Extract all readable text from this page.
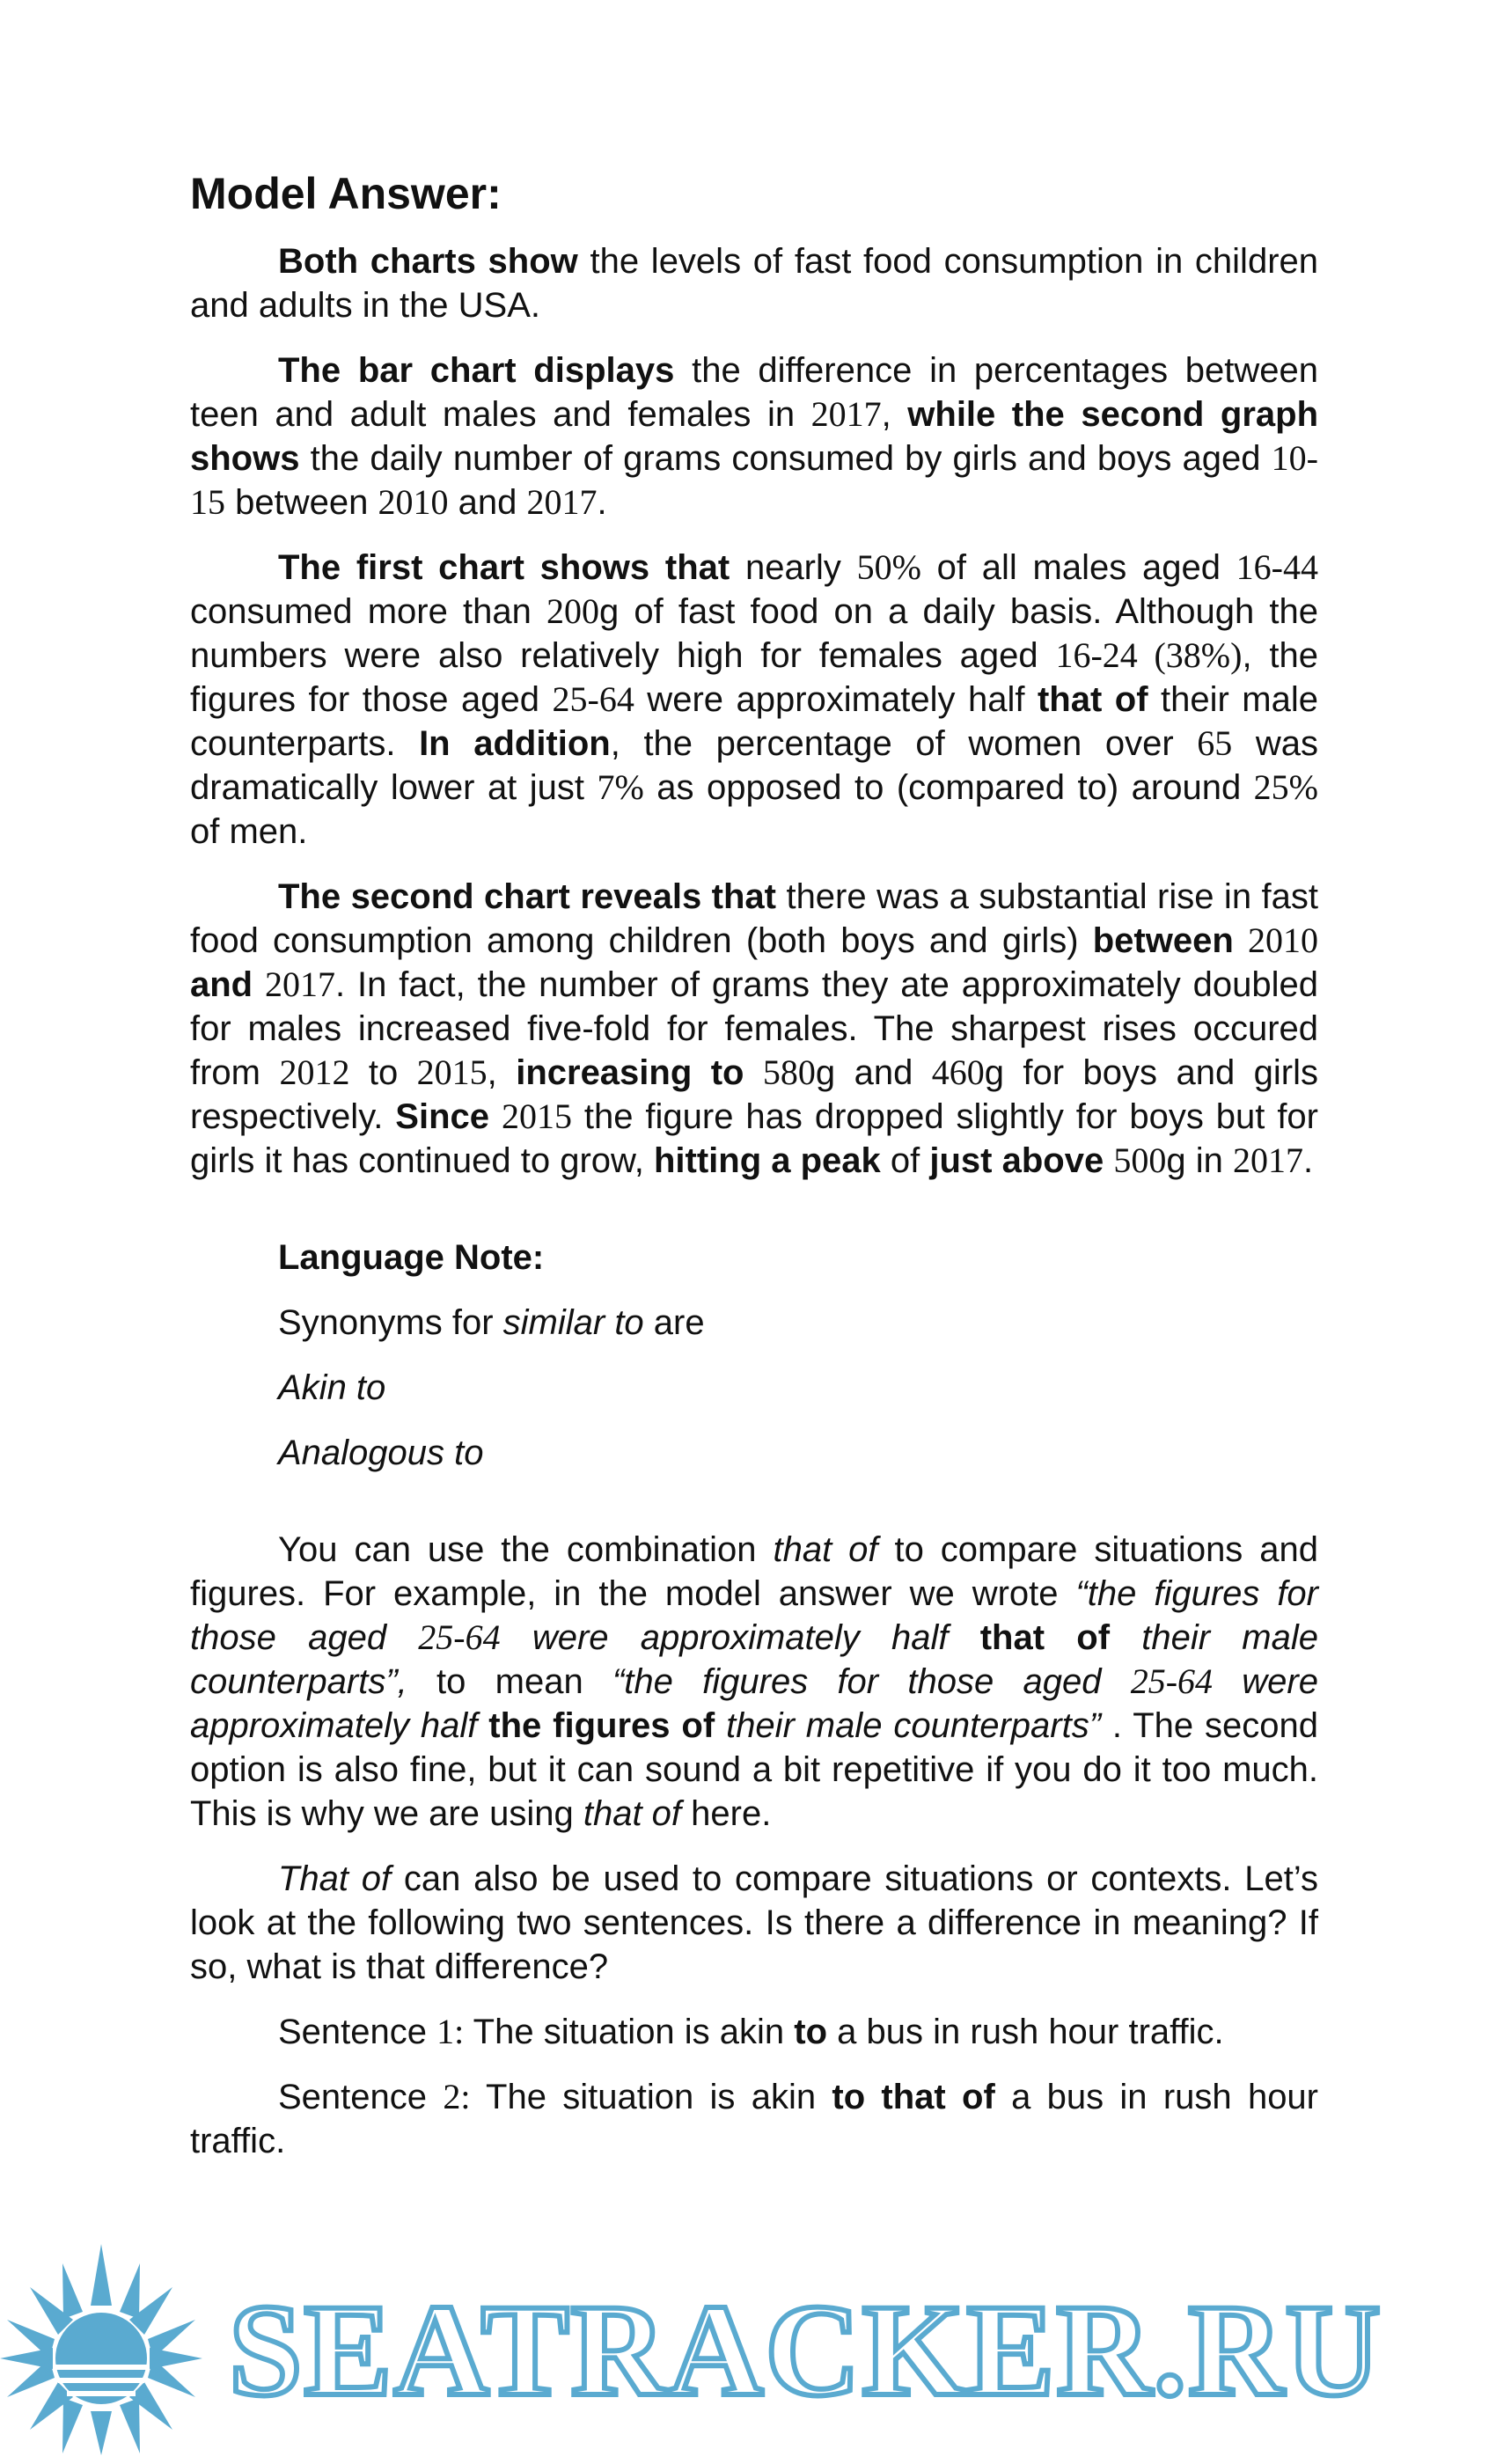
Model Answer:

Both charts show the levels of fast food consumption in children and adults in the USA.

The bar chart displays the difference in percentages between teen and adult males and females in 2017, while the second graph shows the daily number of grams consumed by girls and boys aged 10-15 between 2010 and 2017.

The first chart shows that nearly 50% of all males aged 16-44 consumed more than 200g of fast food on a daily basis. Although the numbers were also relatively high for females aged 16-24 (38%), the figures for those aged 25-64 were approximately half that of their male counterparts. In addition, the percentage of women over 65 was dramatically lower at just 7% as opposed to (compared to) around 25% of men.

The second chart reveals that there was a substantial rise in fast food consumption among children (both boys and girls) between 2010 and 2017. In fact, the number of grams they ate approximately doubled for males increased five-fold for females. The sharpest rises occured from 2012 to 2015, increasing to 580g and 460g for boys and girls respectively. Since 2015 the figure has dropped slightly for boys but for girls it has continued to grow, hitting a peak of just above 500g in 2017.

Language Note:

Synonyms for similar to are

Akin to

Analogous to

You can use the combination that of to compare situations and figures. For example, in the model answer we wrote “the figures for those aged 25-64 were approximately half that of their male counterparts”, to mean “the figures for those aged 25-64 were approximately half the figures of their male counterparts” . The second option is also fine, but it can sound a bit repetitive if you do it too much. This is why we are using that of here.

That of can also be used to compare situations or contexts. Let’s look at the following two sentences. Is there a difference in meaning? If so, what is that difference?

Sentence 1: The situation is akin to a bus in rush hour traffic.

Sentence 2: The situation is akin to that of a bus in rush hour traffic.

SEATRACKER.RU
